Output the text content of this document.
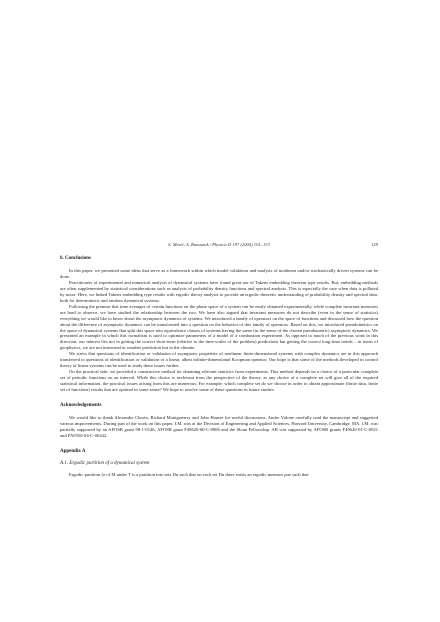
S. Mezić, A. Banaszuk / Physica D 197 (2004) 101–133	129
6. Conclusions

In this paper, we presented some ideas that serve as a framework within which model validation and analysis of nonlinear and/or stochastically driven systems can be done.

Practitioners of experimental and numerical analysis of dynamical systems have found great use of Takens embedding theorem type results. But, embedding methods are often supplemented by statistical considerations such as analysis of probability density functions and spectral analysis. This is especially the case when data is polluted by noise. Here, we linked Takens embedding type results with ergodic theory analysis to provide an ergodic-theoretic understanding of probability density and spectral data, both for deterministic and random dynamical systems.

Following the premise that time averages of certain functions on the phase space of a system can be easily obtained experimentally, while complete invariant measures are hard to observe, we have studied the relationship between the two. We have also argued that invariant measures do not describe (even in the sense of statistics) everything we would like to know about the asymptotic dynamics of systems. We introduced a family of operators on the space of functions and discussed how the question about the difference of asymptotic dynamics can be transformed into a question on the behavior of this family of operators. Based on this, we introduced pseudometrics on the space of dynamical systems that split this space into equivalence classes of systems having the same (in the sense of the chosen pseudometric) asymptotic dynamics. We presented an example in which this formalism is used to optimize parameters of a model of a combustion experiment. As opposed to much of the previous work in this direction, our interest lies not in getting the correct short-term (relative to the time-scales of the problem) predictions but getting the correct long-time trends – in terms of geophysics, we are not interested in weather prediction but in the climate.

We stress that questions of identification or validation of asymptotic properties of nonlinear finite-dimensional systems with complex dynamics are in this approach transferred to questions of identification or validation of a linear, albeit infinite-dimensional Koopman operator. Our hope is that some of the methods developed in control theory of linear systems can be used to study these issues further.

On the practical side, we provided a constructive method for obtaining relevant statistics from experiments. This method depends on a choice of a particular complete set of periodic functions on an interval. While this choice is irrelevant from the perspective of the theory, as any choice of a complete set will give all of the required statistical information, the practical issues arising from this are numerous. For example: which complete set do we choose in order to obtain approximate (finite data, finite set of functions) results that are optimal in some sense? We hope to resolve some of these questions in future studies.

Acknowledgements

We would like to thank Alexandre Chorin, Richard Montgomery and John Hauser for useful discussions. Andre Vidone carefully read the manuscript and suggested various improvements. During part of the work on this paper, I.M. was at the Division of Engineering and Applied Sciences, Harvard University, Cambridge, MA. I.M. was partially supported by an AFOSR grant 98-1-0146, AFOSR grant F49620-00-C-0006 and the Sloan Fellowship. AB was supported by AFOSR grants F49620-01-C-0021 and FA9550-04-C-00442.

Appendix A
A.1. Ergodic partition of a dynamical system

Ergodic partition ζe of M under T is a partition into sets Dα such that on each set Dα there exists an ergodic measure μαe such that
